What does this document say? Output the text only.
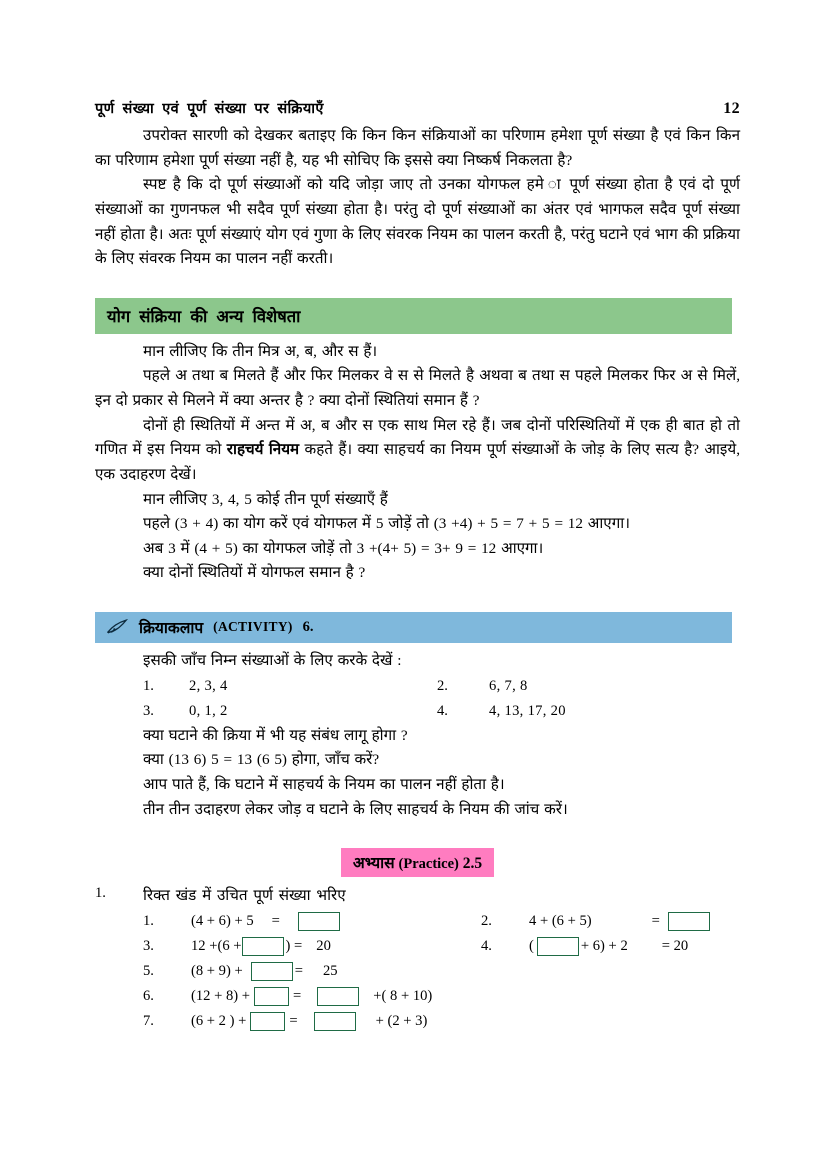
पूर्ण संख्या एवं पूर्ण संख्या पर संक्रियाएँ	12

उपरोक्त सारणी को देखकर बताइए कि किन किन संक्रियाओं का परिणाम हमेशा पूर्ण संख्या है एवं किन किन का परिणाम हमेशा पूर्ण संख्या नहीं है, यह भी सोचिए कि इससे क्या निष्कर्ष निकलता है?

स्पष्ट है कि दो पूर्ण संख्याओं को यदि जोड़ा जाए तो उनका योगफल हमे ा पूर्ण संख्या होता है एवं दो पूर्ण संख्याओं का गुणनफल भी सदैव पूर्ण संख्या होता है। परंतु दो पूर्ण संख्याओं का अंतर एवं भागफल सदैव पूर्ण संख्या नहीं होता है। अतः पूर्ण संख्याएं योग एवं गुणा के लिए संवरक नियम का पालन करती है, परंतु घटाने एवं भाग की प्रक्रिया के लिए संवरक नियम का पालन नहीं करती।

योग संक्रिया की अन्य विशेषता

मान लीजिए कि तीन मित्र अ, ब, और स हैं।

पहले अ तथा ब मिलते हैं और फिर मिलकर वे स से मिलते है अथवा ब तथा स पहले मिलकर फिर अ से मिलें, इन दो प्रकार से मिलने में क्या अन्तर है ? क्या दोनों स्थितियां समान हैं ?

दोनों ही स्थितियों में अन्त में अ, ब और स एक साथ मिल रहे हैं। जब दोनों परिस्थितियों में एक ही बात हो तो गणित में इस नियम को राहचर्य नियम कहते हैं। क्या साहचर्य का नियम पूर्ण संख्याओं के जोड़ के लिए सत्य है? आइये, एक उदाहरण देखें।

मान लीजिए 3, 4, 5 कोई तीन पूर्ण संख्याएँ हैं

पहले (3 + 4) का योग करें एवं योगफल में 5 जोड़ें तो (3 +4) + 5 = 7 + 5 = 12 आएगा।

अब 3 में (4 + 5) का योगफल जोड़ें तो 3 +(4+ 5) = 3+ 9 = 12 आएगा।

क्या दोनों स्थितियों में योगफल समान है ?

क्रियाकलाप (ACTIVITY) 6.

इसकी जाँच निम्न संख्याओं के लिए करके देखें :

1.	2, 3, 4	2.	6, 7, 8
3.	0, 1, 2	4.	4, 13, 17, 20

क्या घटाने की क्रिया में भी यह संबंध लागू होगा ?

क्या (13 6) 5 = 13 (6 5) होगा, जाँच करें?

आप पाते हैं, कि घटाने में साहचर्य के नियम का पालन नहीं होता है।

तीन तीन उदाहरण लेकर जोड़ व घटाने के लिए साहचर्य के नियम की जांच करें।

अभ्यास (Practice) 2.5
1.	रिक्त खंड में उचित पूर्ण संख्या भरिए
1.	(4 + 6) + 5	=	2.	4 + (6 + 5)	=
3.	12 +(6 +	) = 20	4.	(	+ 6) + 2	= 20
5.	(8 + 9) +	=	25
6.	(12 + 8) +	=	+( 8 + 10)
7.	(6 + 2 ) +	=	+ (2 + 3)
